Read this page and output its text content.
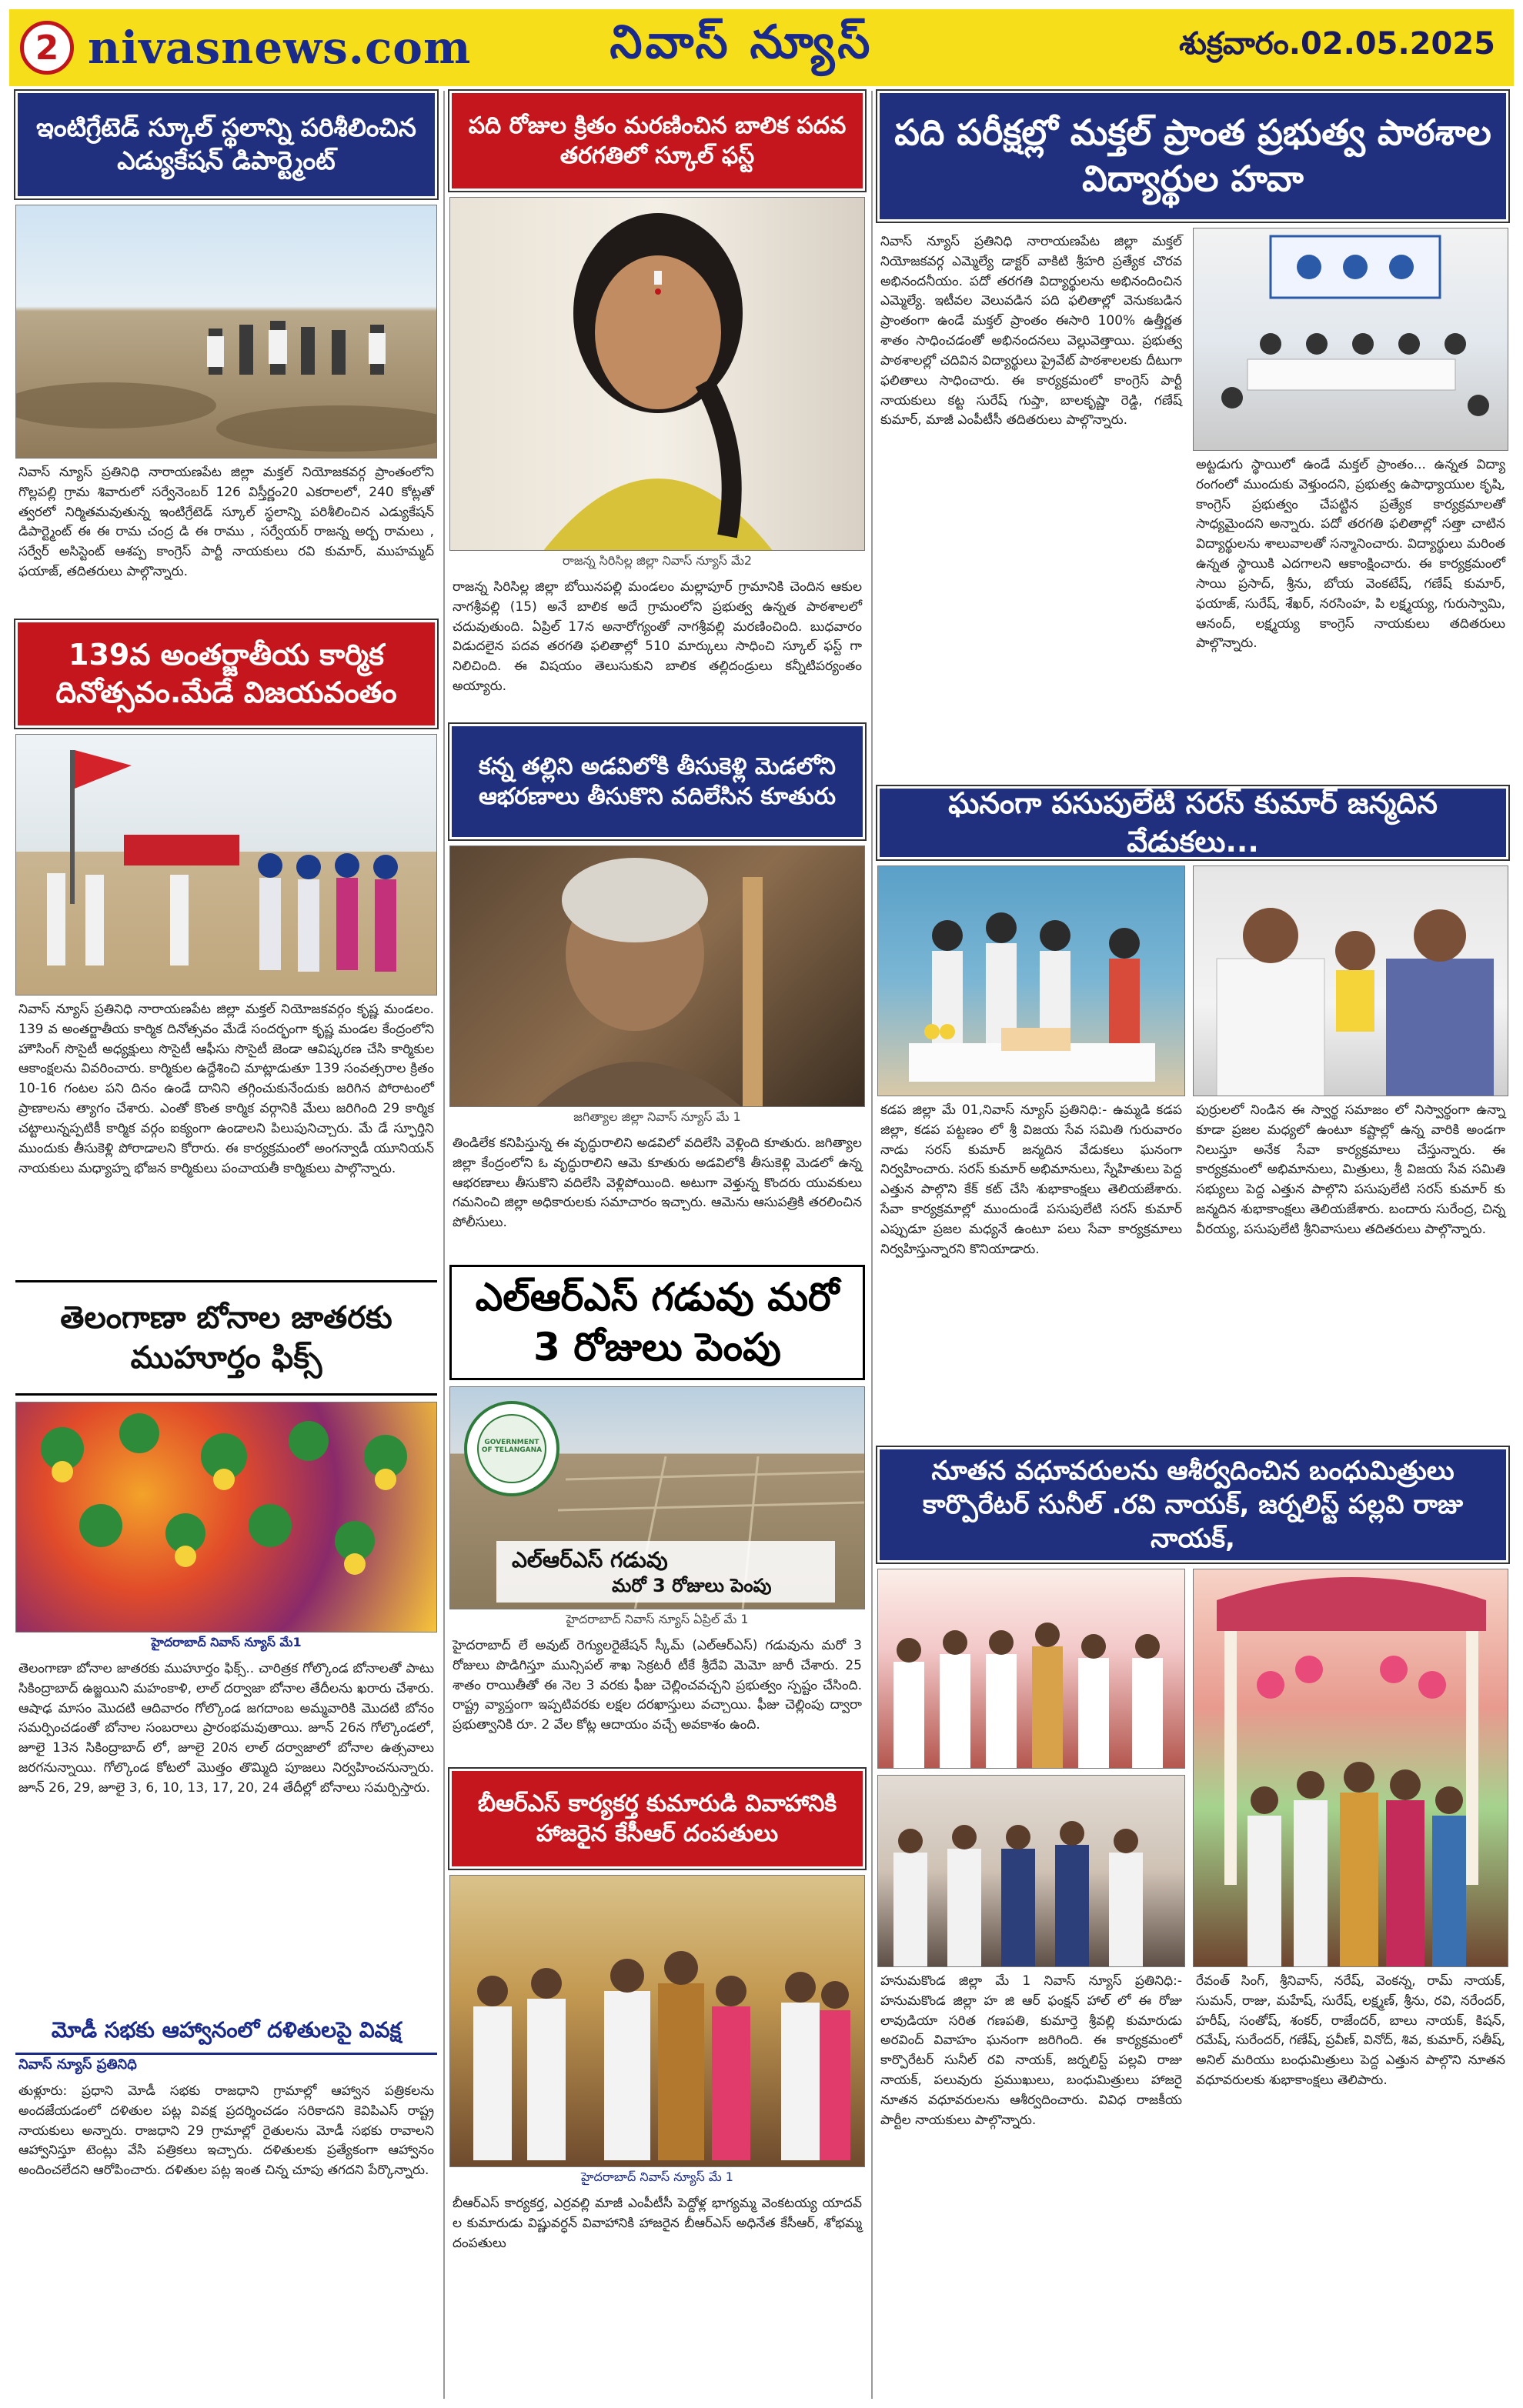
2 nivasnews.com	నివాస్ న్యూస్	శుక్రవారం.02.05.2025
ఇంటిగ్రేటెడ్ స్కూల్ స్థలాన్ని పరిశీలించిన ఎడ్యుకేషన్ డిపార్ట్మెంట్
నివాస్ న్యూస్ ప్రతినిధి నారాయణపేట జిల్లా మక్తల్ నియోజకవర్గ ప్రాంతంలోని గొల్లపల్లి గ్రామ శివారులో సర్వేనెంబర్ 126 విస్తీర్ణం20 ఎకరాలలో, 240 కోట్లతో త్వరలో నిర్మితమవుతున్న ఇంటిగ్రేటెడ్ స్కూల్ స్థలాన్ని పరిశీలించిన ఎడ్యుకేషన్ డిపార్ట్మెంట్ ఈ ఈ రామ చంద్ర డి ఈ రాము , సర్వేయర్ రాజన్న అర్బ రామలు , సర్వేర్ అసిస్టెంట్ ఆశప్ప కాంగ్రెస్ పార్టీ నాయకులు రవి కుమార్, ముహమ్మద్ ఫయాజ్, తదితరులు పాల్గొన్నారు.
139వ అంతర్జాతీయ కార్మిక దినోత్సవం.మేడే విజయవంతం
నివాస్ న్యూస్ ప్రతినిధి నారాయణపేట జిల్లా మక్తల్ నియోజకవర్గం కృష్ణ మండలం. 139 వ అంతర్జాతీయ కార్మిక దినోత్సవం మేడే సందర్భంగా కృష్ణ మండల కేంద్రంలోని హౌసింగ్ సొసైటీ అధ్యక్షులు సొసైటీ ఆఫీసు సొసైటీ జెండా ఆవిష్కరణ చేసి కార్మికుల ఆకాంక్షలను వివరించారు. కార్మికుల ఉద్దేశించి మాట్లాడుతూ 139 సంవత్సరాల క్రితం 10-16 గంటల పని దినం ఉండే దానిని తగ్గించుకునేందుకు జరిగిన పోరాటంలో ప్రాణాలను త్యాగం చేశారు. ఎంతో కొంత కార్మిక వర్గానికి మేలు జరిగింది 29 కార్మిక చట్టాలున్నప్పటికీ కార్మిక వర్గం ఐక్యంగా ఉండాలని పిలుపునిచ్చారు. మే డే స్ఫూర్తిని ముందుకు తీసుకెళ్లి పోరాడాలని కోరారు. ఈ కార్యక్రమంలో అంగన్వాడీ యూనియన్ నాయకులు మధ్యాహ్న భోజన కార్మికులు పంచాయతీ కార్మికులు పాల్గొన్నారు.
తెలంగాణా బోనాల జాతరకు ముహూర్తం ఫిక్స్
హైదరాబాద్ నివాస్ న్యూస్ మే1
తెలంగాణా బోనాల జాతరకు ముహూర్తం ఫిక్స్.. చారిత్రక గోల్కొండ బోనాలతో పాటు సికింద్రాబాద్ ఉజ్జయిని మహంకాళి, లాల్ దర్వాజా బోనాల తేదీలను ఖరారు చేశారు. ఆషాఢ మాసం మొదటి ఆదివారం గోల్కొండ జగదాంబ అమ్మవారికి మొదటి బోనం సమర్పించడంతో బోనాల సంబరాలు ప్రారంభమవుతాయి. జూన్ 26న గోల్కొండలో, జూలై 13న సికింద్రాబాద్ లో, జూలై 20న లాల్ దర్వాజాలో బోనాల ఉత్సవాలు జరగనున్నాయి. గోల్కొండ కోటలో మొత్తం తొమ్మిది పూజలు నిర్వహించనున్నారు. జూన్ 26, 29, జూలై 3, 6, 10, 13, 17, 20, 24 తేదీల్లో బోనాలు సమర్పిస్తారు.
మోడీ సభకు ఆహ్వానంలో దళితులపై వివక్ష
నివాస్ న్యూస్ ప్రతినిధి
తుళ్లూరు: ప్రధాని మోడీ సభకు రాజధాని గ్రామాల్లో ఆహ్వాన పత్రికలను అందజేయడంలో దళితుల పట్ల వివక్ష ప్రదర్శించడం సరికాదని కెవిపిఎస్ రాష్ట్ర నాయకులు అన్నారు. రాజధాని 29 గ్రామాల్లో రైతులను మోడీ సభకు రావాలని ఆహ్వానిస్తూ టెంట్లు వేసి పత్రికలు ఇచ్చారు. దళితులకు ప్రత్యేకంగా ఆహ్వానం అందించలేదని ఆరోపించారు. దళితుల పట్ల ఇంత చిన్న చూపు తగదని పేర్కొన్నారు.
పది రోజుల క్రితం మరణించిన బాలిక పదవ తరగతిలో స్కూల్ ఫస్ట్
రాజన్న సిరిసిల్ల జిల్లా నివాస్ న్యూస్ మే2
రాజన్న సిరిసిల్ల జిల్లా బోయినపల్లి మండలం మల్లాపూర్ గ్రామానికి చెందిన ఆకుల నాగశ్రీవల్లి (15) అనే బాలిక అదే గ్రామంలోని ప్రభుత్వ ఉన్నత పాఠశాలలో చదువుతుంది. ఏప్రిల్ 17న అనారోగ్యంతో నాగశ్రీవల్లి మరణించింది. బుధవారం విడుదలైన పదవ తరగతి ఫలితాల్లో 510 మార్కులు సాధించి స్కూల్ ఫస్ట్ గా నిలిచింది. ఈ విషయం తెలుసుకుని బాలిక తల్లిదండ్రులు కన్నీటిపర్యంతం అయ్యారు.
కన్న తల్లిని అడవిలోకి తీసుకెళ్లి మెడలోని ఆభరణాలు తీసుకొని వదిలేసిన కూతురు
జగిత్యాల జిల్లా నివాస్ న్యూస్ మే 1
తిండిలేక కనిపిస్తున్న ఈ వృద్ధురాలిని అడవిలో వదిలేసి వెళ్లింది కూతురు. జగిత్యాల జిల్లా కేంద్రంలోని ఓ వృద్ధురాలిని ఆమె కూతురు అడవిలోకి తీసుకెళ్లి మెడలో ఉన్న ఆభరణాలు తీసుకొని వదిలేసి వెళ్లిపోయింది. అటుగా వెళ్తున్న కొందరు యువకులు గమనించి జిల్లా అధికారులకు సమాచారం ఇచ్చారు. ఆమెను ఆసుపత్రికి తరలించిన పోలీసులు.
ఎల్ఆర్ఎస్ గడువు మరో 3 రోజులు పెంపు
GOVERNMENT OF TELANGANA
ఎల్ఆర్ఎస్ గడువు
మరో 3 రోజులు పెంపు
హైదరాబాద్ నివాస్ న్యూస్ ఏప్రిల్ మే 1
హైదరాబాద్ లే అవుట్ రెగ్యులరైజేషన్ స్కీమ్ (ఎల్ఆర్ఎస్) గడువును మరో 3 రోజులు పొడిగిస్తూ మున్సిపల్ శాఖ సెక్రటరీ టీకే శ్రీదేవి మెమో జారీ చేశారు. 25 శాతం రాయితీతో ఈ నెల 3 వరకు ఫీజు చెల్లించవచ్చని ప్రభుత్వం స్పష్టం చేసింది. రాష్ట్ర వ్యాప్తంగా ఇప్పటివరకు లక్షల దరఖాస్తులు వచ్చాయి. ఫీజు చెల్లింపు ద్వారా ప్రభుత్వానికి రూ. 2 వేల కోట్ల ఆదాయం వచ్చే అవకాశం ఉంది.
బీఆర్ఎస్ కార్యకర్త కుమారుడి వివాహానికి హాజరైన కేసీఆర్ దంపతులు
హైదరాబాద్ నివాస్ న్యూస్ మే 1
బీఆర్ఎస్ కార్యకర్త, ఎర్రవల్లి మాజీ ఎంపీటీసీ పెద్దోళ్ల భాగ్యమ్మ వెంకటయ్య యాదవ్ ల కుమారుడు విష్ణువర్ధన్ వివాహానికి హాజరైన బీఆర్ఎస్ అధినేత కేసీఆర్, శోభమ్మ దంపతులు
పది పరీక్షల్లో మక్తల్ ప్రాంత ప్రభుత్వ పాఠశాల విద్యార్థుల హవా
నివాస్ న్యూస్ ప్రతినిధి నారాయణపేట జిల్లా మక్తల్ నియోజకవర్గ ఎమ్మెల్యే డాక్టర్ వాకిటి శ్రీహరి ప్రత్యేక చొరవ అభినందనీయం. పదో తరగతి విద్యార్థులను అభినందించిన ఎమ్మెల్యే. ఇటీవల వెలువడిన పది ఫలితాల్లో వెనుకబడిన ప్రాంతంగా ఉండే మక్తల్ ప్రాంతం ఈసారి 100% ఉత్తీర్ణత శాతం సాధించడంతో అభినందనలు వెల్లువెత్తాయి. ప్రభుత్వ పాఠశాలల్లో చదివిన విద్యార్థులు ప్రైవేట్ పాఠశాలలకు దీటుగా ఫలితాలు సాధించారు. ఈ కార్యక్రమంలో కాంగ్రెస్ పార్టీ నాయకులు కట్ట సురేష్ గుప్తా, బాలకృష్ణా రెడ్డి, గణేష్ కుమార్, మాజీ ఎంపీటీసీ తదితరులు పాల్గొన్నారు.
అట్టడుగు స్థాయిలో ఉండే మక్తల్ ప్రాంతం... ఉన్నత విద్యా రంగంలో ముందుకు వెళ్తుందని, ప్రభుత్వ ఉపాధ్యాయుల కృషి, కాంగ్రెస్ ప్రభుత్వం చేపట్టిన ప్రత్యేక కార్యక్రమాలతో సాధ్యమైందని అన్నారు. పదో తరగతి ఫలితాల్లో సత్తా చాటిన విద్యార్థులను శాలువాలతో సన్మానించారు. విద్యార్థులు మరింత ఉన్నత స్థాయికి ఎదగాలని ఆకాంక్షించారు. ఈ కార్యక్రమంలో సాయి ప్రసాద్, శ్రీను, బోయ వెంకటేష్, గణేష్ కుమార్, ఫయాజ్, సురేష్, శేఖర్, నరసింహ, పి లక్ష్మయ్య, గురుస్వామి, ఆనంద్, లక్ష్మయ్య కాంగ్రెస్ నాయకులు తదితరులు పాల్గొన్నారు.
ఘనంగా పసుపులేటి సరస్ కుమార్ జన్మదిన వేడుకలు...
కడప జిల్లా మే 01,నివాస్ న్యూస్ ప్రతినిధి:- ఉమ్మడి కడప జిల్లా, కడప పట్టణం లో శ్రీ విజయ సేవ సమితి గురువారం నాడు సరస్ కుమార్ జన్మదిన వేడుకలు ఘనంగా నిర్వహించారు. సరస్ కుమార్ అభిమానులు, స్నేహితులు పెద్ద ఎత్తున పాల్గొని కేక్ కట్ చేసి శుభాకాంక్షలు తెలియజేశారు. సేవా కార్యక్రమాల్లో ముందుండే పసుపులేటి సరస్ కుమార్ ఎప్పుడూ ప్రజల మధ్యనే ఉంటూ పలు సేవా కార్యక్రమాలు నిర్వహిస్తున్నారని కొనియాడారు.
పుర్రులలో నిండిన ఈ స్వార్థ సమాజం లో నిస్వార్థంగా ఉన్నా కూడా ప్రజల మధ్యలో ఉంటూ కష్టాల్లో ఉన్న వారికి అండగా నిలుస్తూ అనేక సేవా కార్యక్రమాలు చేస్తున్నారు. ఈ కార్యక్రమంలో అభిమానులు, మిత్రులు, శ్రీ విజయ సేవ సమితి సభ్యులు పెద్ద ఎత్తున పాల్గొని పసుపులేటి సరస్ కుమార్ కు జన్మదిన శుభాకాంక్షలు తెలియజేశారు. బందారు సురేంద్ర, చిన్న వీరయ్య, పసుపులేటి శ్రీనివాసులు తదితరులు పాల్గొన్నారు.
నూతన వధూవరులను ఆశీర్వదించిన బంధుమిత్రులు
కార్పొరేటర్ సునీల్ .రవి నాయక్, జర్నలిస్ట్ పల్లవి రాజు నాయక్,
హనుమకొండ జిల్లా మే 1 నివాస్ న్యూస్ ప్రతినిధి:- హనుమకొండ జిల్లా హ జి ఆర్ ఫంక్షన్ హాల్ లో ఈ రోజు లావుడియా సరిత గణపతి, కుమార్తె శ్రీవల్లి కుమారుడు అరవింద్ వివాహం ఘనంగా జరిగింది. ఈ కార్యక్రమంలో కార్పొరేటర్ సునీల్ రవి నాయక్, జర్నలిస్ట్ పల్లవి రాజు నాయక్, పలువురు ప్రముఖులు, బంధుమిత్రులు హాజరై నూతన వధూవరులను ఆశీర్వదించారు. వివిధ రాజకీయ పార్టీల నాయకులు పాల్గొన్నారు.
రేవంత్ సింగ్, శ్రీనివాస్, నరేష్, వెంకన్న, రామ్ నాయక్, సుమన్, రాజు, మహేష్, సురేష్, లక్ష్మణ్, శ్రీను, రవి, నరేందర్, హరీష్, సంతోష్, శంకర్, రాజేందర్, బాలు నాయక్, కిషన్, రమేష్, సురేందర్, గణేష్, ప్రవీణ్, వినోద్, శివ, కుమార్, సతీష్, అనిల్ మరియు బంధుమిత్రులు పెద్ద ఎత్తున పాల్గొని నూతన వధూవరులకు శుభాకాంక్షలు తెలిపారు.
